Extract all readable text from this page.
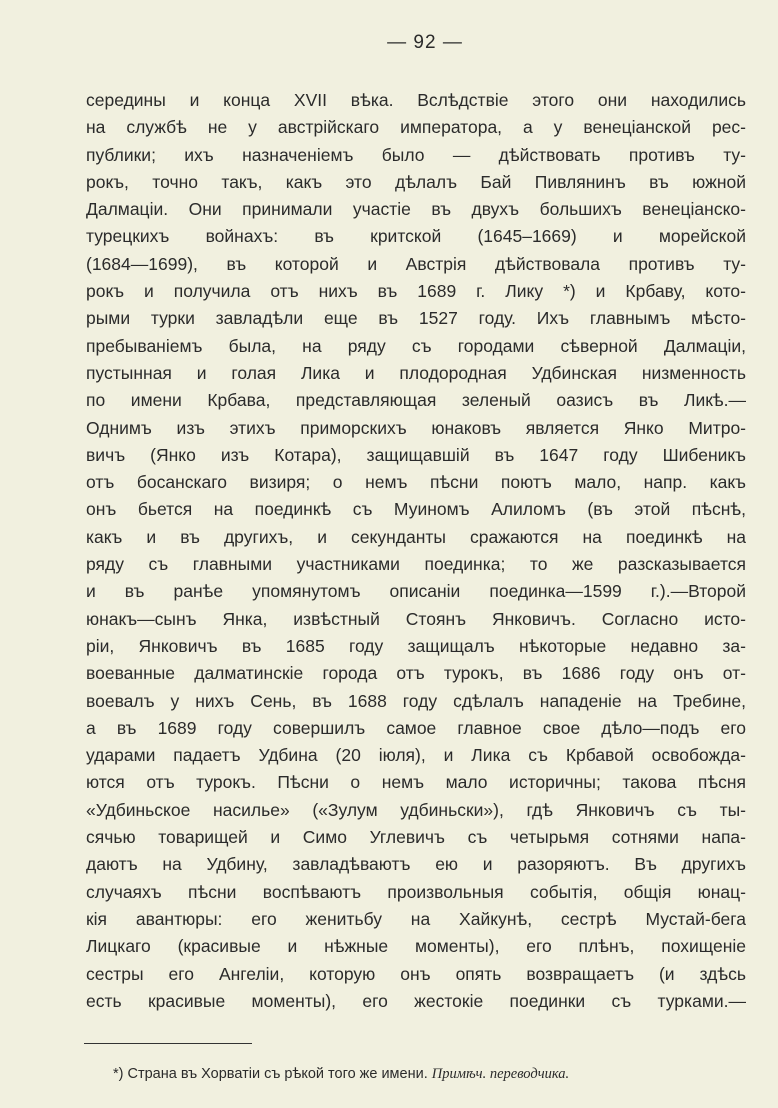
— 92 —
середины и конца XVII вѣка. Вслѣдствіе этого они находились
на службѣ не у австрійскаго императора, а у венеціанской рес-
публики; ихъ назначеніемъ было — дѣйствовать противъ ту-
рокъ, точно такъ, какъ это дѣлалъ Бай Пивлянинъ въ южной
Далмаціи. Они принимали участіе въ двухъ большихъ венеціанско-
турецкихъ войнахъ: въ критской (1645–1669) и морейской
(1684—1699), въ которой и Австрія дѣйствовала противъ ту-
рокъ и получила отъ нихъ въ 1689 г. Лику *) и Крбаву, кото-
рыми турки завладѣли еще въ 1527 году. Ихъ главнымъ мѣсто-
пребываніемъ была, на ряду съ городами сѣверной Далмаціи,
пустынная и голая Лика и плодородная Удбинская низменность
по имени Крбава, представляющая зеленый оазисъ въ Ликѣ.—
Однимъ изъ этихъ приморскихъ юнаковъ является Янко Митро-
вичъ (Янко изъ Котара), защищавшій въ 1647 году Шибеникъ
отъ босанскаго визиря; о немъ пѣсни поютъ мало, напр. какъ
онъ бьется на поединкѣ съ Муиномъ Алиломъ (въ этой пѣснѣ,
какъ и въ другихъ, и секунданты сражаются на поединкѣ на
ряду съ главными участниками поединка; то же разсказывается
и въ ранѣе упомянутомъ описаніи поединка—1599 г.).—Второй
юнакъ—сынъ Янка, извѣстный Стоянъ Янковичъ. Согласно исто-
ріи, Янковичъ въ 1685 году защищалъ нѣкоторые недавно за-
воеванные далматинскіе города отъ турокъ, въ 1686 году онъ от-
воевалъ у нихъ Сень, въ 1688 году сдѣлалъ нападеніе на Требине,
а въ 1689 году совершилъ самое главное свое дѣло—подъ его
ударами падаетъ Удбина (20 іюля), и Лика съ Крбавой освобожда-
ются отъ турокъ. Пѣсни о немъ мало историчны; такова пѣсня
«Удбиньское насилье» («Зулум удбиньски»), гдѣ Янковичъ съ ты-
сячью товарищей и Симо Углевичъ съ четырьмя сотнями напа-
даютъ на Удбину, завладѣваютъ ею и разоряютъ. Въ другихъ
случаяхъ пѣсни воспѣваютъ произвольныя событія, общія юнац-
кія авантюры: его женитьбу на Хайкунѣ, сестрѣ Мустай-бега
Лицкаго (красивые и нѣжные моменты), его плѣнъ, похищеніе
сестры его Ангеліи, которую онъ опять возвращаетъ (и здѣсь
есть красивые моменты), его жестокіе поединки съ турками.—
*) Страна въ Хорватіи съ рѣкой того же имени. Примѣч. переводчика.
